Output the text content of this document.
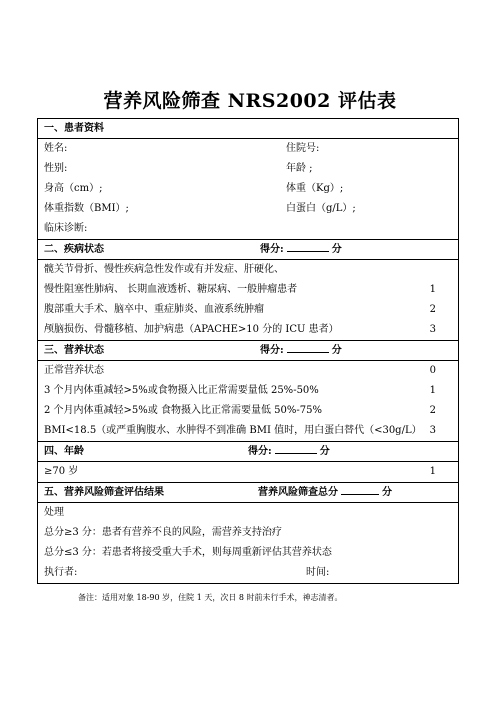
营养风险筛查 NRS2002 评估表
一、患者资料
姓名:	住院号:
性别:	年龄 ;
身高（cm）;	体重（Kg）;
体重指数（BMI）;	白蛋白（g/L）;
临床诊断:
二、疾病状态	得分:	分
髋关节骨折、慢性疾病急性发作或有并发症、肝硬化、
慢性阻塞性肺病、 长期血液透析、糖尿病、一般肿瘤患者	1
腹部重大手术、脑卒中、重症肺炎、血液系统肿瘤	2
颅脑损伤、骨髓移植、加护病患（APACHE>10 分的 ICU 患者）	3
三、营养状态	得分:	分
正常营养状态	0
3 个月内体重减轻>5%或食物摄入比正常需要量低 25%-50%	1
2 个月内体重减轻>5%或 食物摄入比正常需要量低 50%-75%	2
BMI<18.5（或严重胸腹水、水肿得不到准确 BMI 值时，用白蛋白替代（<30g/L） 3
四、年龄	得分:	分
≥70 岁	1
五、营养风险筛查评估结果	营养风险筛查总分	分
处理
总分≥3 分：患者有营养不良的风险，需营养支持治疗
总分≤3 分：若患者将接受重大手术，则每周重新评估其营养状态
执行者:	时间:
备注：适用对象 18-90 岁，住院 1 天，次日 8 时前未行手术，神志清者。
